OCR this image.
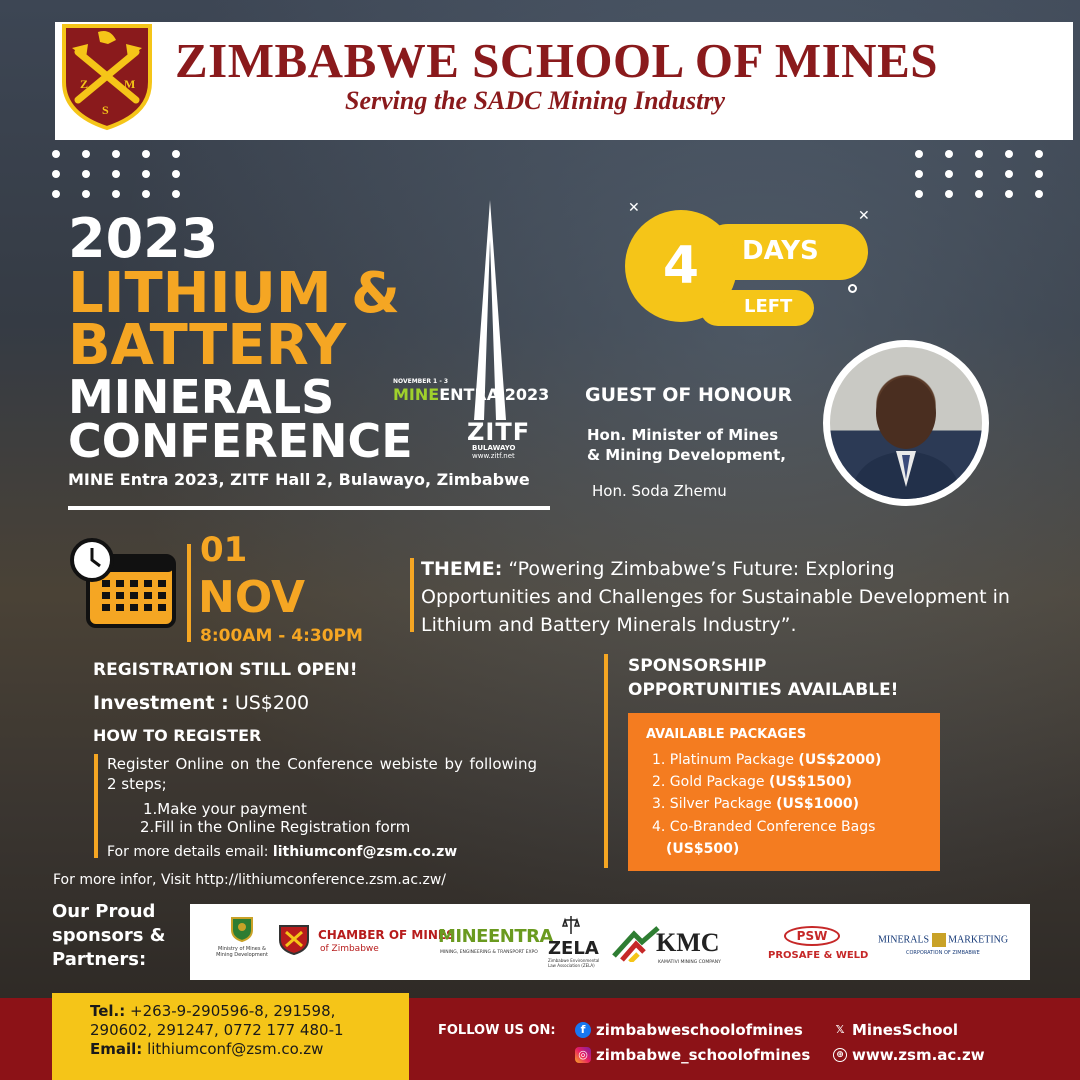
Z	M
S
ZIMBABWE SCHOOL OF MINES
Serving the SADC Mining Industry
2023
LITHIUM &
BATTERY
MINERALS
CONFERENCE
MINE Entra 2023, ZITF Hall 2, Bulawayo, Zimbabwe
NOVEMBER 1 - 3
MINEENTRA 2023
ZITF
BULAWAYO
www.zitf.net
4	DAYS
LEFT
✕	✕
GUEST OF HONOUR
Hon. Minister of Mines
& Mining Development,
Hon. Soda Zhemu
01
NOV
8:00AM - 4:30PM
THEME: “Powering Zimbabwe’s Future: Exploring Opportunities and Challenges for Sustainable Development in Lithium and Battery Minerals Industry”.
REGISTRATION STILL OPEN!
Investment : US$200
HOW TO REGISTER
Register Online on the Conference webiste by following 2 steps;
1.Make your payment
2.Fill in the Online Registration form
For more details email: lithiumconf@zsm.co.zw
For more infor, Visit http://lithiumconference.zsm.ac.zw/
SPONSORSHIP
OPPORTUNITIES AVAILABLE!
AVAILABLE PACKAGES
1. Platinum Package (US$2000)
2. Gold Package (US$1500)
3. Silver Package (US$1000)
4. Co-Branded Conference Bags
(US$500)
Our Proud
sponsors &
Partners:	Ministry of Mines & Mining Development
CHAMBER OF MINES
of Zimbabwe
MINEENTRA
MINING, ENGINEERING & TRANSPORT EXPO ZELA
Zimbabwe Environmental Law Association (ZELA)
KMC
KAMATIVI MINING COMPANY
PSW
PROSAFE & WELD
MINERALS MARKETING
CORPORATION OF ZIMBABWE
Tel.: +263-9-290596-8, 291598, 290602, 291247, 0772 177 480-1
Email: lithiumconf@zsm.co.zw
FOLLOW US ON:	f zimbabweschoolofmines	𝕏 MinesSchool
◎ zimbabwe_schoolofmines	⊕ www.zsm.ac.zw
